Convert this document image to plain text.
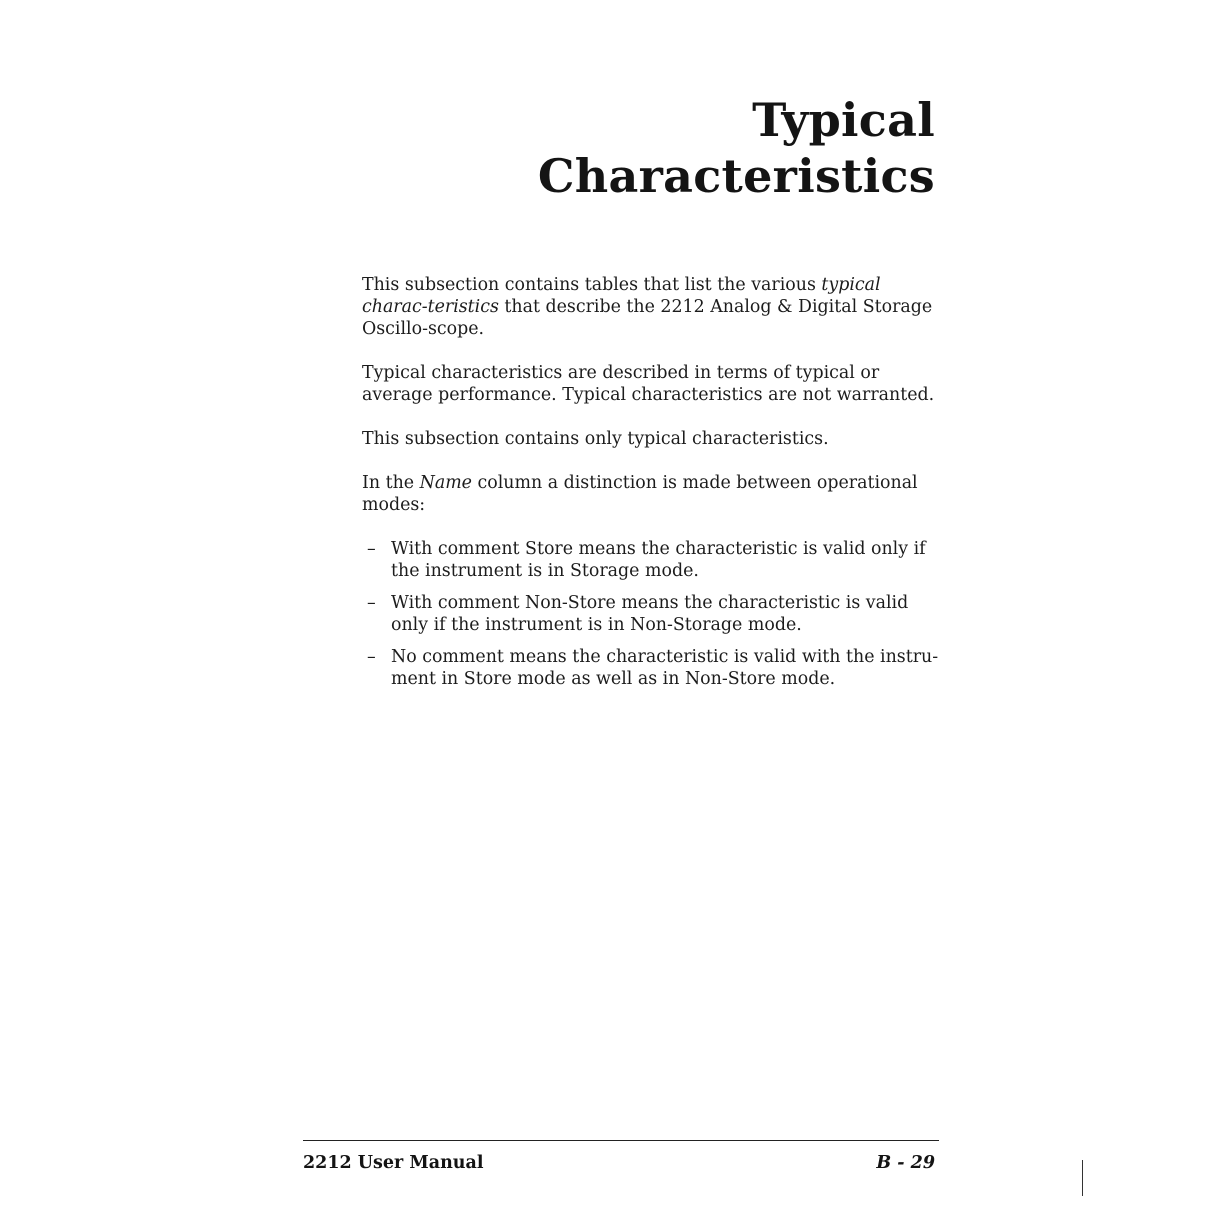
Typical
Characteristics

This subsection contains tables that list the various typical charac-teristics that describe the 2212 Analog & Digital Storage Oscillo-scope.

Typical characteristics are described in terms of typical or average performance. Typical characteristics are not warranted.

This subsection contains only typical characteristics.

In the Name column a distinction is made between operational modes:

– With comment Store means the characteristic is valid only if the instrument is in Storage mode.
– With comment Non-Store means the characteristic is valid only if the instrument is in Non-Storage mode.
– No comment means the characteristic is valid with the instru-ment in Store mode as well as in Non-Store mode.
2212 User Manual	B - 29
